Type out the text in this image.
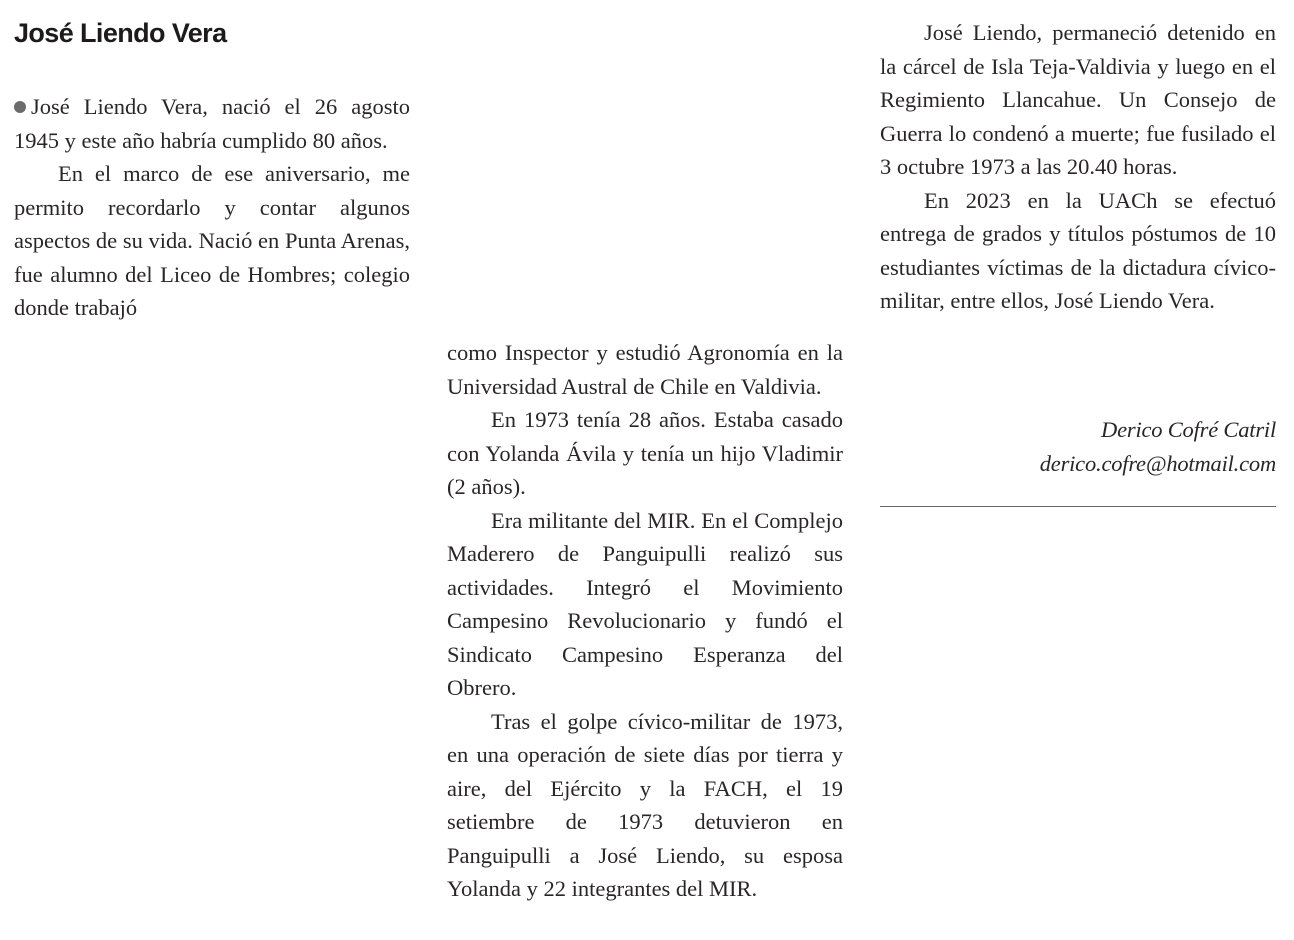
José Liendo Vera

José Liendo Vera, nació el 26 agosto 1945 y este año habría cumplido 80 años.

En el marco de ese aniversario, me permito recordarlo y contar algunos aspectos de su vida. Nació en Punta Arenas, fue alumno del Liceo de Hombres; colegio donde trabajó

como Inspector y estudió Agronomía en la Universidad Austral de Chile en Valdivia.

En 1973 tenía 28 años. Estaba casado con Yolanda Ávila y tenía un hijo Vladimir (2 años).

Era militante del MIR. En el Complejo Maderero de Panguipulli realizó sus actividades. Integró el Movimiento Campesino Revolucionario y fundó el Sindicato Campesino Esperanza del Obrero.

Tras el golpe cívico-militar de 1973, en una operación de siete días por tierra y aire, del Ejército y la FACH, el 19 setiembre de 1973 detuvieron en Panguipulli a José Liendo, su esposa Yolanda y 22 integrantes del MIR.

José Liendo, permaneció detenido en la cárcel de Isla Teja-Valdivia y luego en el Regimiento Llancahue. Un Consejo de Guerra lo condenó a muerte; fue fusilado el 3 octubre 1973 a las 20.40 horas.

En 2023 en la UACh se efectuó entrega de grados y títulos póstumos de 10 estudiantes víctimas de la dictadura cívico-militar, entre ellos, José Liendo Vera.

Derico Cofré Catril
derico.cofre@hotmail.com
